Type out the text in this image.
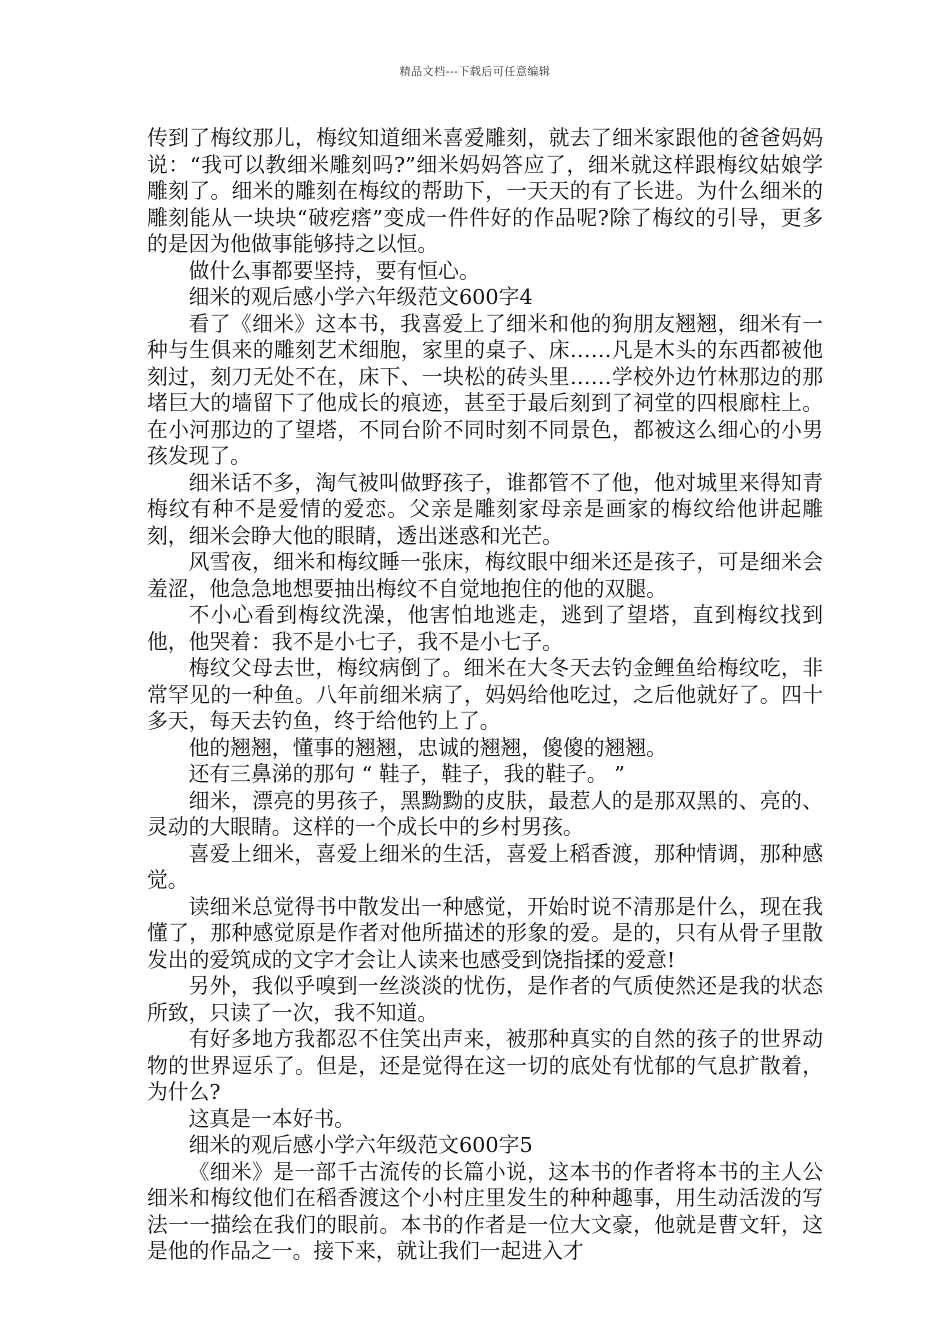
精品文档---下载后可任意编辑

传到了梅纹那儿，梅纹知道细米喜爱雕刻，就去了细米家跟他的爸爸妈妈说：“我可以教细米雕刻吗?”细米妈妈答应了，细米就这样跟梅纹姑娘学雕刻了。细米的雕刻在梅纹的帮助下，一天天的有了长进。为什么细米的雕刻能从一块块“破疙瘩”变成一件件好的作品呢?除了梅纹的引导，更多的是因为他做事能够持之以恒。

做什么事都要坚持，要有恒心。

细米的观后感小学六年级范文600字4

看了《细米》这本书，我喜爱上了细米和他的狗朋友翘翘，细米有一种与生俱来的雕刻艺术细胞，家里的桌子、床……凡是木头的东西都被他刻过，刻刀无处不在，床下、一块松的砖头里……学校外边竹林那边的那堵巨大的墙留下了他成长的痕迹，甚至于最后刻到了祠堂的四根廊柱上。在小河那边的了望塔，不同台阶不同时刻不同景色，都被这么细心的小男孩发现了。

细米话不多，淘气被叫做野孩子，谁都管不了他，他对城里来得知青梅纹有种不是爱情的爱恋。父亲是雕刻家母亲是画家的梅纹给他讲起雕刻，细米会睁大他的眼睛，透出迷惑和光芒。

风雪夜，细米和梅纹睡一张床，梅纹眼中细米还是孩子，可是细米会羞涩，他急急地想要抽出梅纹不自觉地抱住的他的双腿。

不小心看到梅纹洗澡，他害怕地逃走，逃到了望塔，直到梅纹找到他，他哭着：我不是小七子，我不是小七子。

梅纹父母去世，梅纹病倒了。细米在大冬天去钓金鲤鱼给梅纹吃，非常罕见的一种鱼。八年前细米病了，妈妈给他吃过，之后他就好了。四十多天，每天去钓鱼，终于给他钓上了。

他的翘翘，懂事的翘翘，忠诚的翘翘，傻傻的翘翘。

还有三鼻涕的那句 “ 鞋子，鞋子，我的鞋子。 ”

细米，漂亮的男孩子，黑黝黝的皮肤，最惹人的是那双黑的、亮的、灵动的大眼睛。这样的一个成长中的乡村男孩。

喜爱上细米，喜爱上细米的生活，喜爱上稻香渡，那种情调，那种感觉。

读细米总觉得书中散发出一种感觉，开始时说不清那是什么，现在我懂了，那种感觉原是作者对他所描述的形象的爱。是的，只有从骨子里散发出的爱筑成的文字才会让人读来也感受到饶指揉的爱意!

另外，我似乎嗅到一丝淡淡的忧伤，是作者的气质使然还是我的状态所致，只读了一次，我不知道。

有好多地方我都忍不住笑出声来，被那种真实的自然的孩子的世界动物的世界逗乐了。但是，还是觉得在这一切的底处有忧郁的气息扩散着，为什么?

这真是一本好书。

细米的观后感小学六年级范文600字5

《细米》是一部千古流传的长篇小说，这本书的作者将本书的主人公细米和梅纹他们在稻香渡这个小村庄里发生的种种趣事，用生动活泼的写法一一描绘在我们的眼前。本书的作者是一位大文豪，他就是曹文轩，这是他的作品之一。接下来，就让我们一起进入才
